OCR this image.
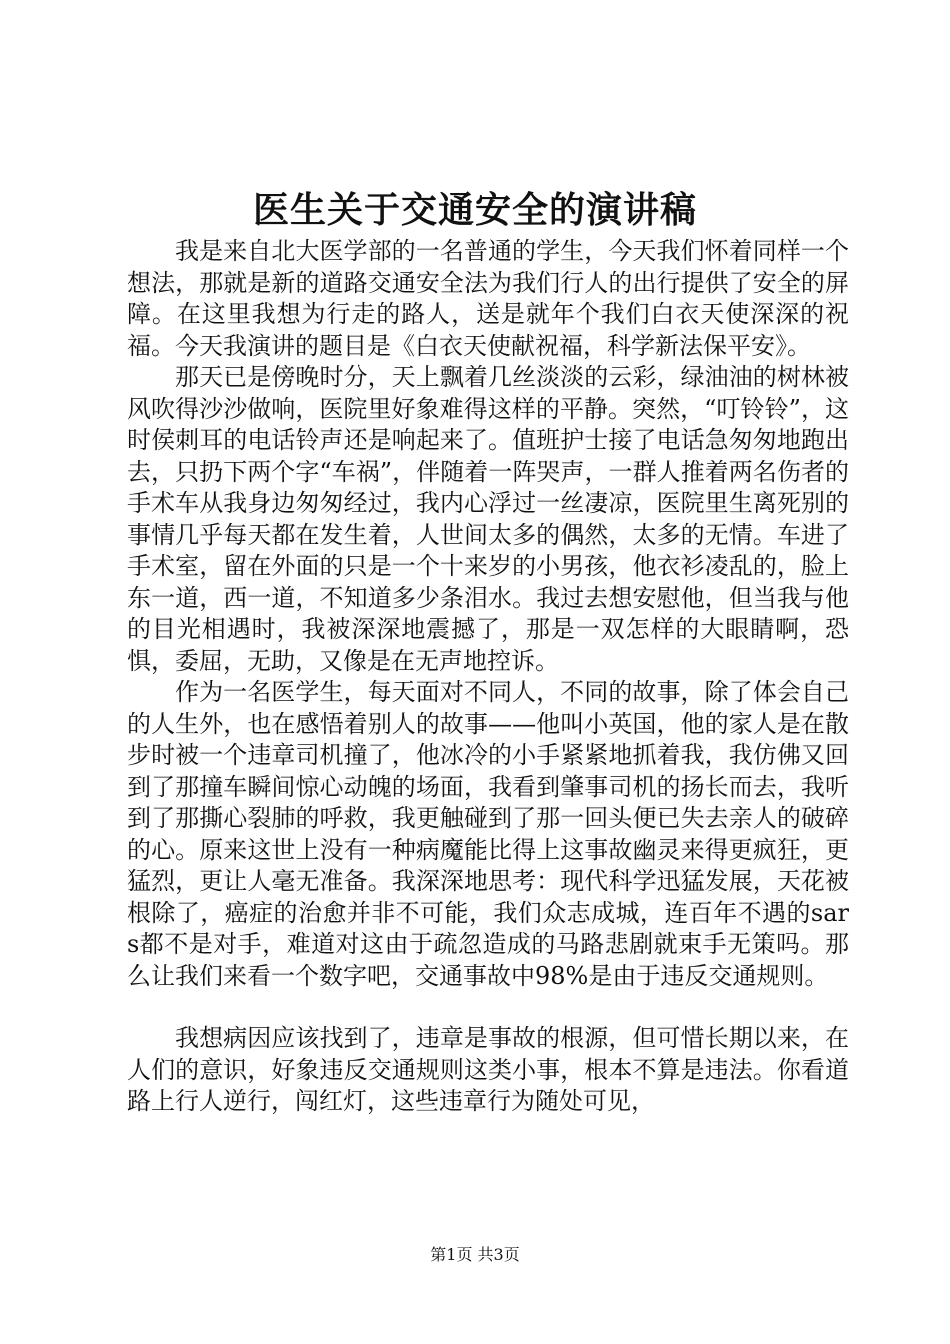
医生关于交通安全的演讲稿

我是来自北大医学部的一名普通的学生，今天我们怀着同样一个想法，那就是新的道路交通安全法为我们行人的出行提供了安全的屏障。在这里我想为行走的路人，送是就年个我们白衣天使深深的祝福。今天我演讲的题目是《白衣天使献祝福，科学新法保平安》。

那天已是傍晚时分，天上飘着几丝淡淡的云彩，绿油油的树林被风吹得沙沙做响，医院里好象难得这样的平静。突然，“叮铃铃”，这时侯刺耳的电话铃声还是响起来了。值班护士接了电话急匆匆地跑出去，只扔下两个字“车祸”，伴随着一阵哭声，一群人推着两名伤者的手术车从我身边匆匆经过，我内心浮过一丝凄凉，医院里生离死别的事情几乎每天都在发生着，人世间太多的偶然，太多的无情。车进了手术室，留在外面的只是一个十来岁的小男孩，他衣衫凌乱的，脸上东一道，西一道，不知道多少条泪水。我过去想安慰他，但当我与他的目光相遇时，我被深深地震撼了，那是一双怎样的大眼睛啊，恐惧，委屈，无助，又像是在无声地控诉。

作为一名医学生，每天面对不同人，不同的故事，除了体会自己的人生外，也在感悟着别人的故事——他叫小英国，他的家人是在散步时被一个违章司机撞了，他冰冷的小手紧紧地抓着我，我仿佛又回到了那撞车瞬间惊心动魄的场面，我看到肇事司机的扬长而去，我听到了那撕心裂肺的呼救，我更触碰到了那一回头便已失去亲人的破碎的心。原来这世上没有一种病魔能比得上这事故幽灵来得更疯狂，更猛烈，更让人毫无准备。我深深地思考：现代科学迅猛发展，天花被根除了，癌症的治愈并非不可能，我们众志成城，连百年不遇的sars都不是对手，难道对这由于疏忽造成的马路悲剧就束手无策吗。那么让我们来看一个数字吧，交通事故中98%是由于违反交通规则。

我想病因应该找到了，违章是事故的根源，但可惜长期以来，在人们的意识，好象违反交通规则这类小事，根本不算是违法。你看道路上行人逆行，闯红灯，这些违章行为随处可见，

第1页 共3页
